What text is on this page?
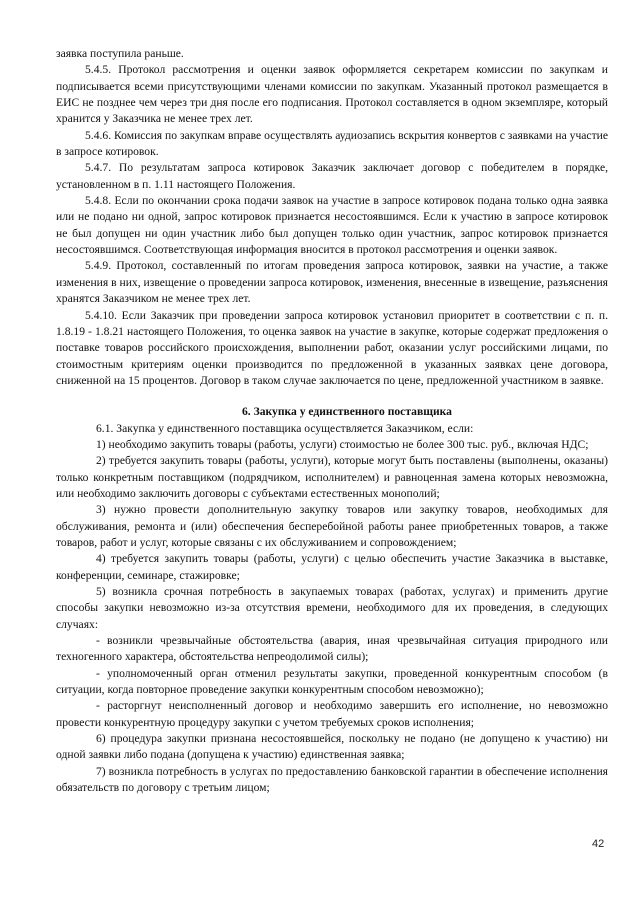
заявка поступила раньше.

5.4.5. Протокол рассмотрения и оценки заявок оформляется секретарем комиссии по закупкам и подписывается всеми присутствующими членами комиссии по закупкам. Указанный протокол размещается в ЕИС не позднее чем через три дня после его подписания. Протокол составляется в одном экземпляре, который хранится у Заказчика не менее трех лет.

5.4.6. Комиссия по закупкам вправе осуществлять аудиозапись вскрытия конвертов с заявками на участие в запросе котировок.

5.4.7. По результатам запроса котировок Заказчик заключает договор с победителем в порядке, установленном в п. 1.11 настоящего Положения.

5.4.8. Если по окончании срока подачи заявок на участие в запросе котировок подана только одна заявка или не подано ни одной, запрос котировок признается несостоявшимся. Если к участию в запросе котировок не был допущен ни один участник либо был допущен только один участник, запрос котировок признается несостоявшимся. Соответствующая информация вносится в протокол рассмотрения и оценки заявок.

5.4.9. Протокол, составленный по итогам проведения запроса котировок, заявки на участие, а также изменения в них, извещение о проведении запроса котировок, изменения, внесенные в извещение, разъяснения хранятся Заказчиком не менее трех лет.

5.4.10. Если Заказчик при проведении запроса котировок установил приоритет в соответствии с п. п. 1.8.19 - 1.8.21 настоящего Положения, то оценка заявок на участие в закупке, которые содержат предложения о поставке товаров российского происхождения, выполнении работ, оказании услуг российскими лицами, по стоимостным критериям оценки производится по предложенной в указанных заявках цене договора, сниженной на 15 процентов. Договор в таком случае заключается по цене, предложенной участником в заявке.

6. Закупка у единственного поставщика

6.1. Закупка у единственного поставщика осуществляется Заказчиком, если:

1) необходимо закупить товары (работы, услуги) стоимостью не более 300 тыс. руб., включая НДС;

2) требуется закупить товары (работы, услуги), которые могут быть поставлены (выполнены, оказаны) только конкретным поставщиком (подрядчиком, исполнителем) и равноценная замена которых невозможна, или необходимо заключить договоры с субъектами естественных монополий;

3) нужно провести дополнительную закупку товаров или закупку товаров, необходимых для обслуживания, ремонта и (или) обеспечения бесперебойной работы ранее приобретенных товаров, а также товаров, работ и услуг, которые связаны с их обслуживанием и сопровождением;

4) требуется закупить товары (работы, услуги) с целью обеспечить участие Заказчика в выставке, конференции, семинаре, стажировке;

5) возникла срочная потребность в закупаемых товарах (работах, услугах) и применить другие способы закупки невозможно из-за отсутствия времени, необходимого для их проведения, в следующих случаях:

- возникли чрезвычайные обстоятельства (авария, иная чрезвычайная ситуация природного или техногенного характера, обстоятельства непреодолимой силы);

- уполномоченный орган отменил результаты закупки, проведенной конкурентным способом (в ситуации, когда повторное проведение закупки конкурентным способом невозможно);

- расторгнут неисполненный договор и необходимо завершить его исполнение, но невозможно провести конкурентную процедуру закупки с учетом требуемых сроков исполнения;

6) процедура закупки признана несостоявшейся, поскольку не подано (не допущено к участию) ни одной заявки либо подана (допущена к участию) единственная заявка;

7) возникла потребность в услугах по предоставлению банковской гарантии в обеспечение исполнения обязательств по договору с третьим лицом;

42
